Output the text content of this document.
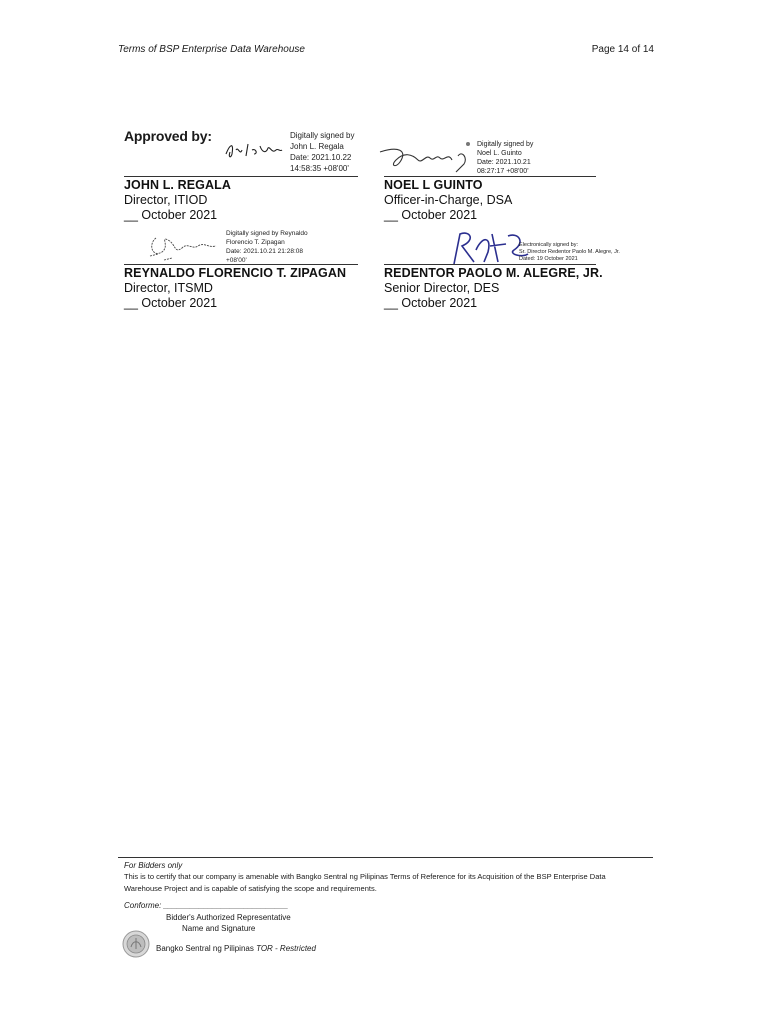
Terms of BSP Enterprise Data Warehouse	Page 14 of 14
Approved by:	Digitally signed by
John L. Regala
Date: 2021.10.22
14:58:35 +08'00'
JOHN L. REGALA
Director, ITIOD
__ October 2021
Digitally signed by
Noel L. Guinto
Date: 2021.10.21
08:27:17 +08'00'
NOEL L GUINTO
Officer-in-Charge, DSA
__ October 2021
Digitally signed by Reynaldo
Florencio T. Zipagan
Date: 2021.10.21 21:28:08
+08'00'
REYNALDO FLORENCIO T. ZIPAGAN
Director, ITSMD
__ October 2021
Electronically signed by:
Sr. Director Redentor Paolo M. Alegre, Jr.
Dated: 19 October 2021
REDENTOR PAOLO M. ALEGRE, JR.
Senior Director, DES
__ October 2021
For Bidders only
This is to certify that our company is amenable with Bangko Sentral ng Pilipinas Terms of Reference for its Acquisition of the BSP Enterprise Data Warehouse Project and is capable of satisfying the scope and requirements.
Conforme: ____________________________
Bidder's Authorized Representative
Name and Signature
Bangko Sentral ng Pilipinas TOR - Restricted
